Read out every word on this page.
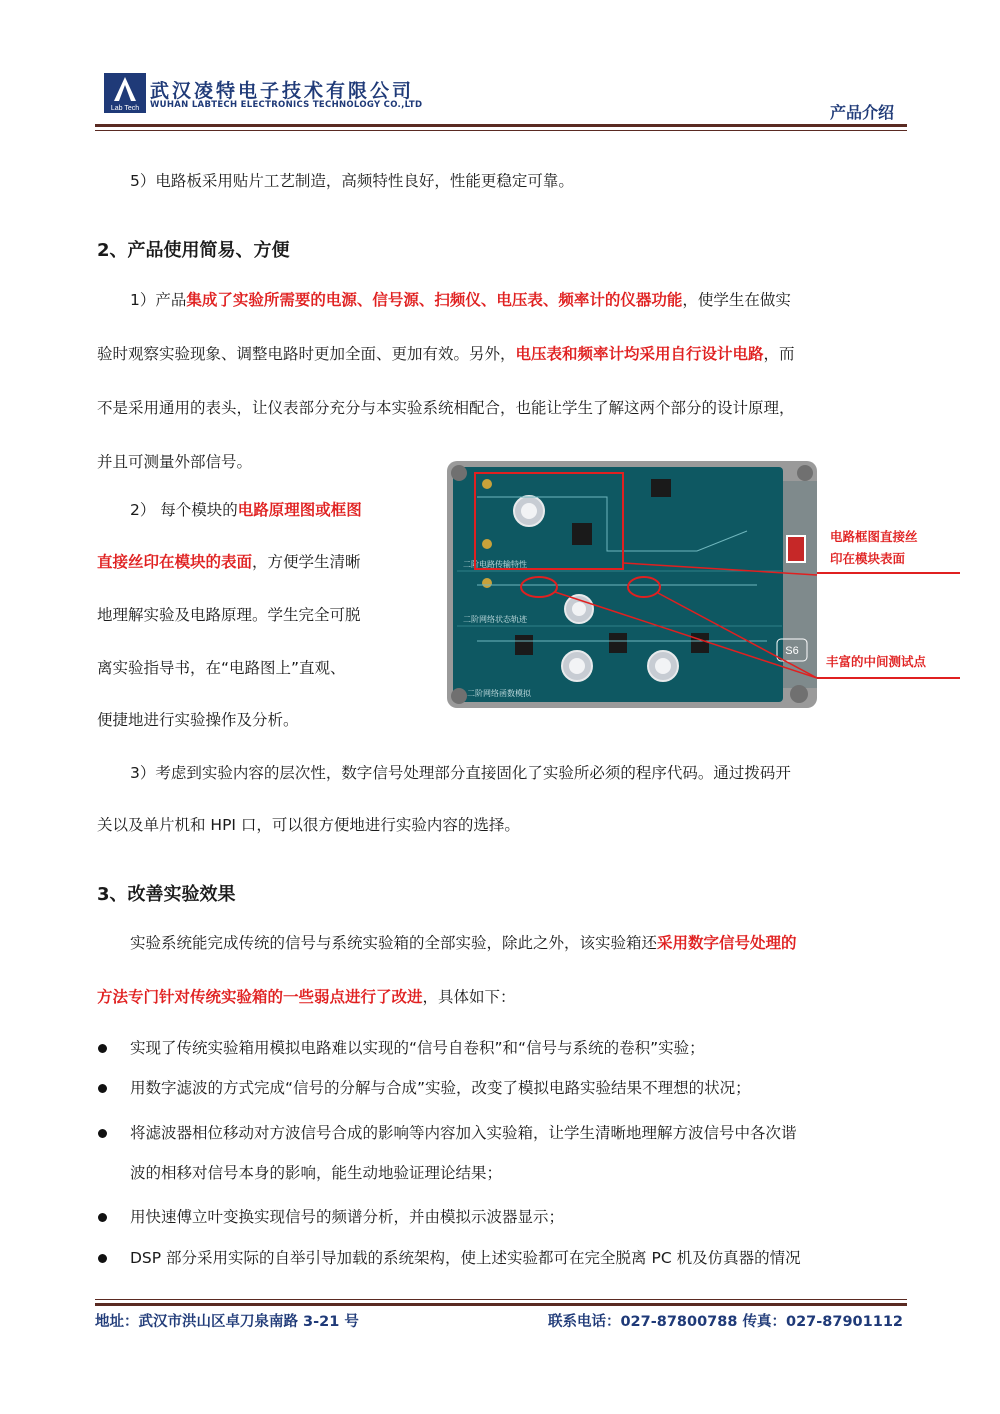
Lab Tech
武汉凌特电子技术有限公司
WUHAN LABTECH ELECTRONICS TECHNOLOGY CO.,LTD	产品介绍
5）电路板采用贴片工艺制造，高频特性良好，性能更稳定可靠。
2、产品使用简易、方便
1）产品集成了实验所需要的电源、信号源、扫频仪、电压表、频率计的仪器功能，使学生在做实
验时观察实验现象、调整电路时更加全面、更加有效。另外，电压表和频率计均采用自行设计电路，而
不是采用通用的表头，让仪表部分充分与本实验系统相配合，也能让学生了解这两个部分的设计原理，
并且可测量外部信号。
2） 每个模块的电路原理图或框图
直接丝印在模块的表面，方便学生清晰
地理解实验及电路原理。学生完全可脱
离实验指导书，在“电路图上”直观、
便捷地进行实验操作及分析。
S6
二阶电路传输特性
二阶网络状态轨迹
二阶网络函数模拟
电路框图直接丝
印在模块表面
丰富的中间测试点
3）考虑到实验内容的层次性，数字信号处理部分直接固化了实验所必须的程序代码。通过拨码开
关以及单片机和 HPI 口，可以很方便地进行实验内容的选择。
3、改善实验效果
实验系统能完成传统的信号与系统实验箱的全部实验，除此之外，该实验箱还采用数字信号处理的
方法专门针对传统实验箱的一些弱点进行了改进，具体如下：
实现了传统实验箱用模拟电路难以实现的“信号自卷积”和“信号与系统的卷积”实验；
用数字滤波的方式完成“信号的分解与合成”实验，改变了模拟电路实验结果不理想的状况；
将滤波器相位移动对方波信号合成的影响等内容加入实验箱，让学生清晰地理解方波信号中各次谐
波的相移对信号本身的影响，能生动地验证理论结果；
用快速傅立叶变换实现信号的频谱分析，并由模拟示波器显示；
DSP 部分采用实际的自举引导加载的系统架构，使上述实验都可在完全脱离 PC 机及仿真器的情况
地址：武汉市洪山区卓刀泉南路 3-21 号	联系电话：027-87800788 传真：027-87901112
